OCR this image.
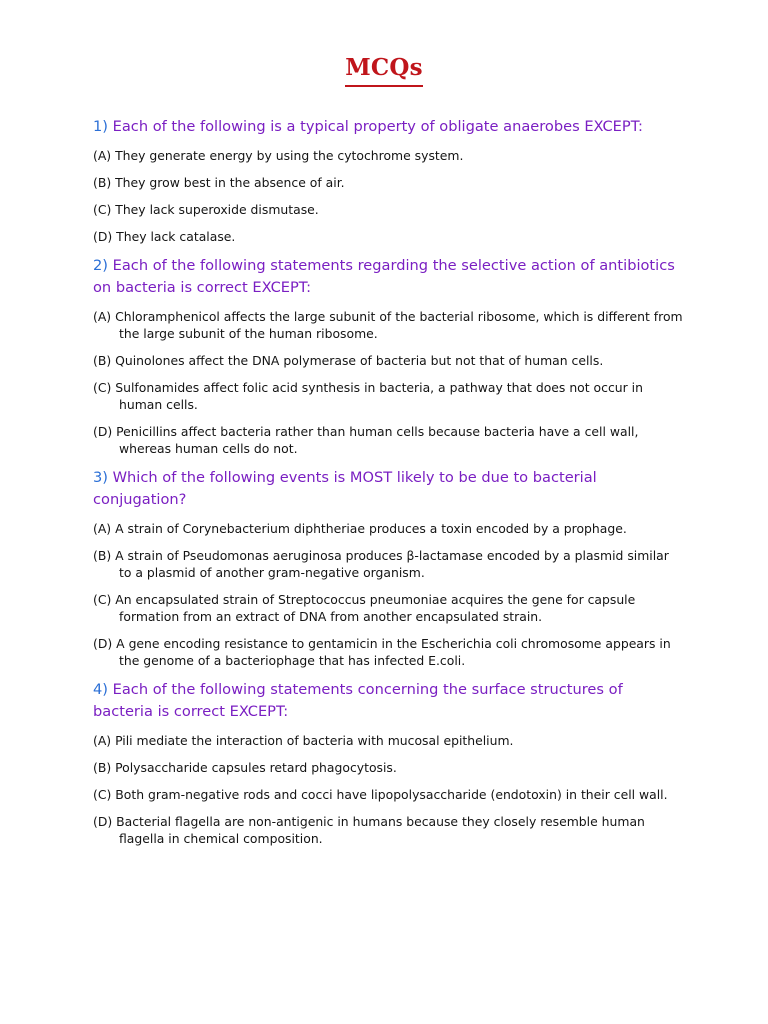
MCQs
1) Each of the following is a typical property of obligate anaerobes EXCEPT:
(A) They generate energy by using the cytochrome system.
(B) They grow best in the absence of air.
(C) They lack superoxide dismutase.
(D) They lack catalase.
2) Each of the following statements regarding the selective action of antibiotics on bacteria is correct EXCEPT:
(A) Chloramphenicol affects the large subunit of the bacterial ribosome, which is different from the large subunit of the human ribosome.
(B) Quinolones affect the DNA polymerase of bacteria but not that of human cells.
(C) Sulfonamides affect folic acid synthesis in bacteria, a pathway that does not occur in human cells.
(D) Penicillins affect bacteria rather than human cells because bacteria have a cell wall, whereas human cells do not.
3) Which of the following events is MOST likely to be due to bacterial conjugation?
(A) A strain of Corynebacterium diphtheriae produces a toxin encoded by a prophage.
(B) A strain of Pseudomonas aeruginosa produces β-lactamase encoded by a plasmid similar to a plasmid of another gram-negative organism.
(C) An encapsulated strain of Streptococcus pneumoniae acquires the gene for capsule formation from an extract of DNA from another encapsulated strain.
(D) A gene encoding resistance to gentamicin in the Escherichia coli chromosome appears in the genome of a bacteriophage that has infected E.coli.
4) Each of the following statements concerning the surface structures of bacteria is correct EXCEPT:
(A) Pili mediate the interaction of bacteria with mucosal epithelium.
(B) Polysaccharide capsules retard phagocytosis.
(C) Both gram-negative rods and cocci have lipopolysaccharide (endotoxin) in their cell wall.
(D) Bacterial flagella are non-antigenic in humans because they closely resemble human flagella in chemical composition.
